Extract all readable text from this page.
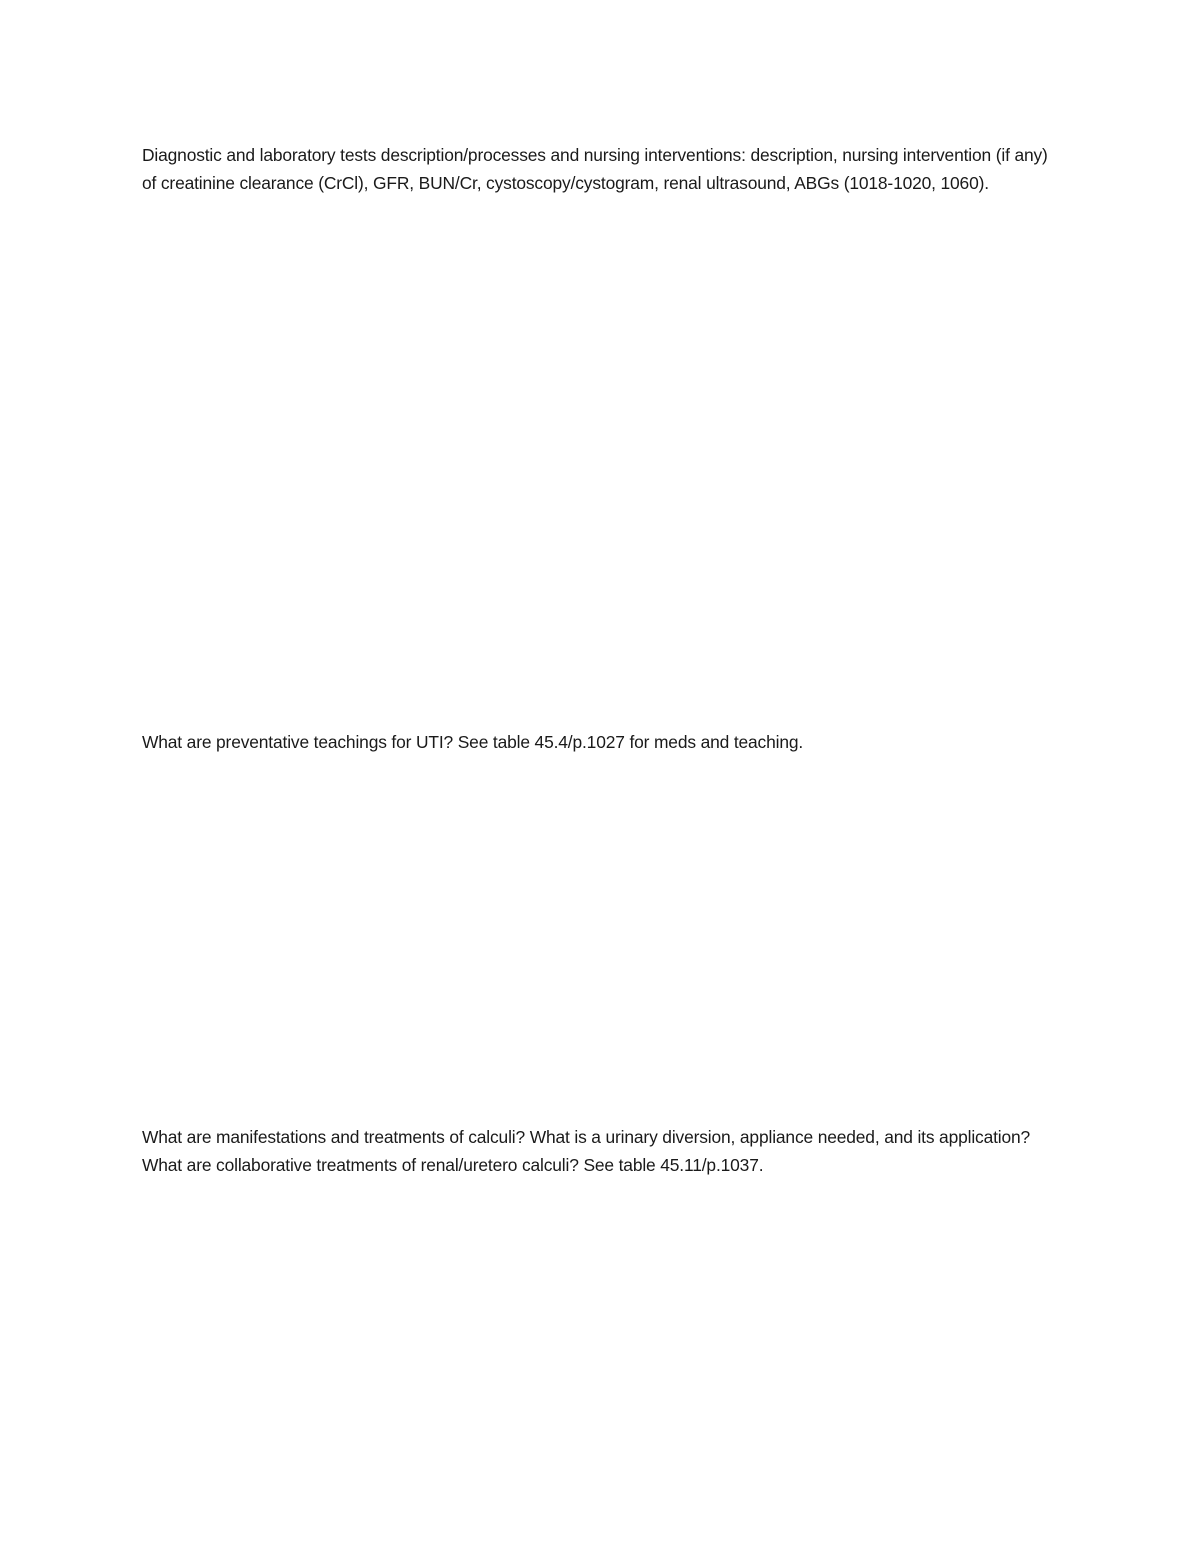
Diagnostic and laboratory tests description/processes and nursing interventions: description, nursing intervention (if any) of creatinine clearance (CrCl), GFR, BUN/Cr, cystoscopy/cystogram, renal ultrasound, ABGs (1018-1020, 1060).

What are preventative teachings for UTI? See table 45.4/p.1027 for meds and teaching.

What are manifestations and treatments of calculi? What is a urinary diversion, appliance needed, and its application? What are collaborative treatments of renal/uretero calculi? See table 45.11/p.1037.
